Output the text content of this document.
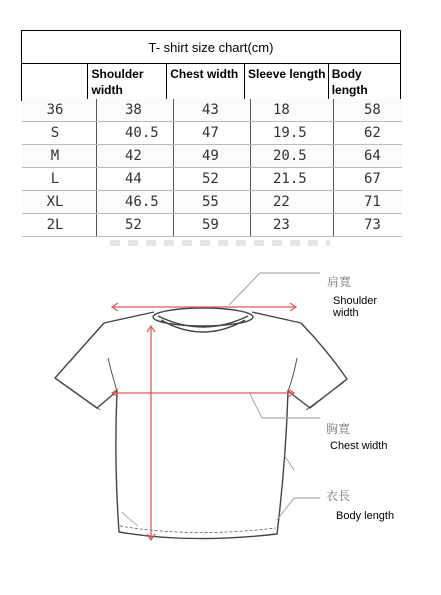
T- shirt size chart(cm)
	Shoulder width	Chest width	Sleeve length	Body length
36	38	43	18	58
S	40.5	47	19.5	62
M	42	49	20.5	64
L	44	52	21.5	67
XL	46.5	55	22	71
2L	52	59	23	73
肩寬
Shoulder width
胸寬
Chest width
衣長
Body length
